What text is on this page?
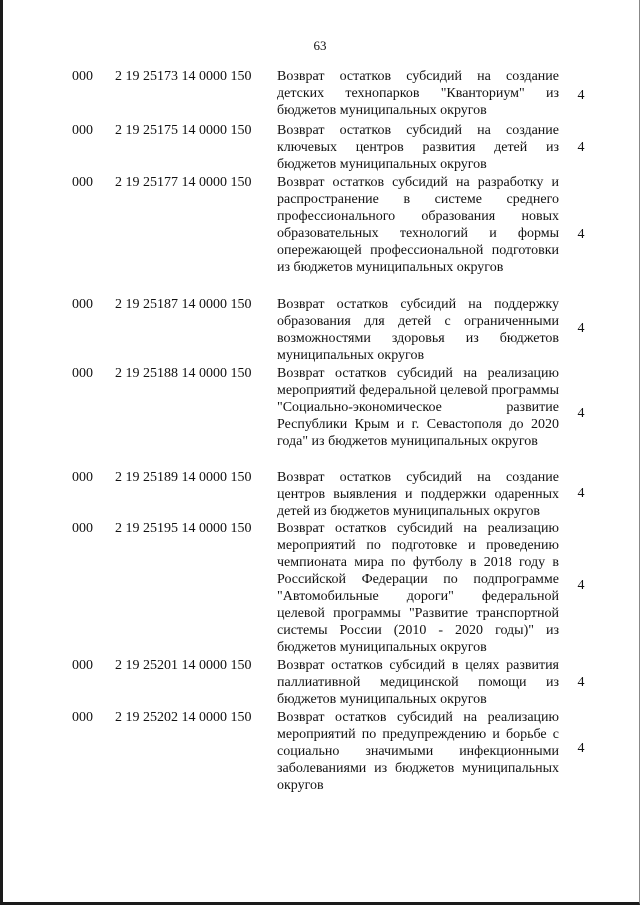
63
000	2 19 25173 14 0000 150	Возврат остатков субсидий на создание детских технопарков "Кванториум" из бюджетов муниципальных округов
4
000	2 19 25175 14 0000 150	Возврат остатков субсидий на создание ключевых центров развития детей из бюджетов муниципальных округов
4
000	2 19 25177 14 0000 150	Возврат остатков субсидий на разработку и распространение в системе среднего профессионального образования новых образовательных технологий и формы опережающей профессиональной подготовки из бюджетов муниципальных округов
4
000	2 19 25187 14 0000 150	Возврат остатков субсидий на поддержку образования для детей с ограниченными возможностями здоровья из бюджетов муниципальных округов
4
000	2 19 25188 14 0000 150	Возврат остатков субсидий на реализацию мероприятий федеральной целевой программы "Социально-экономическое развитие Республики Крым и г. Севастополя до 2020 года" из бюджетов муниципальных округов
4
000	2 19 25189 14 0000 150	Возврат остатков субсидий на создание центров выявления и поддержки одаренных детей из бюджетов муниципальных округов
4
000	2 19 25195 14 0000 150	Возврат остатков субсидий на реализацию мероприятий по подготовке и проведению чемпионата мира по футболу в 2018 году в Российской Федерации по подпрограмме "Автомобильные дороги" федеральной целевой программы "Развитие транспортной системы России (2010 - 2020 годы)" из бюджетов муниципальных округов
4
000	2 19 25201 14 0000 150	Возврат остатков субсидий в целях развития паллиативной медицинской помощи из бюджетов муниципальных округов
4
000	2 19 25202 14 0000 150	Возврат остатков субсидий на реализацию мероприятий по предупреждению и борьбе с социально значимыми инфекционными заболеваниями из бюджетов муниципальных округов
4
